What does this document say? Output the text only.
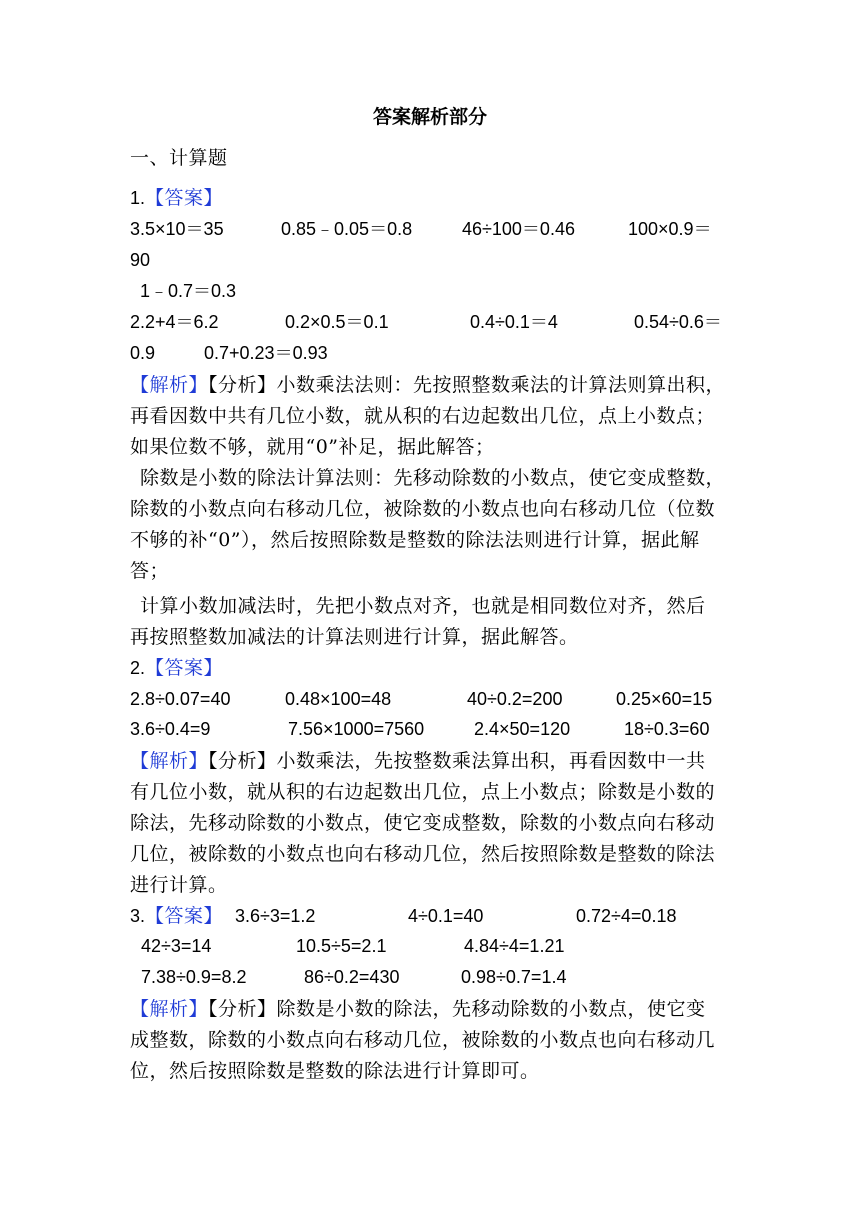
答案解析部分
一、计算题
1.【答案】
3.5×10＝35	0.85﹣0.05＝0.8	46÷100＝0.46	100×0.9＝
90
1﹣0.7＝0.3
2.2+4＝6.2	0.2×0.5＝0.1	0.4÷0.1＝4	0.54÷0.6＝
0.9	0.7+0.23＝0.93
【解析】【分析】小数乘法法则：先按照整数乘法的计算法则算出积，
再看因数中共有几位小数，就从积的右边起数出几位，点上小数点；
如果位数不够，就用“0”补足，据此解答；
除数是小数的除法计算法则：先移动除数的小数点，使它变成整数，
除数的小数点向右移动几位，被除数的小数点也向右移动几位（位数
不够的补“0”），然后按照除数是整数的除法法则进行计算，据此解
答；
计算小数加减法时，先把小数点对齐，也就是相同数位对齐，然后
再按照整数加减法的计算法则进行计算，据此解答。
2.【答案】
2.8÷0.07=40	0.48×100=48	40÷0.2=200	0.25×60=15
3.6÷0.4=9	7.56×1000=7560	2.4×50=120	18÷0.3=60
【解析】【分析】小数乘法，先按整数乘法算出积，再看因数中一共
有几位小数，就从积的右边起数出几位，点上小数点；除数是小数的
除法，先移动除数的小数点，使它变成整数，除数的小数点向右移动
几位，被除数的小数点也向右移动几位，然后按照除数是整数的除法
进行计算。
3.【答案】 3.6÷3=1.2	4÷0.1=40	0.72÷4=0.18
42÷3=14	10.5÷5=2.1	4.84÷4=1.21
7.38÷0.9=8.2	86÷0.2=430	0.98÷0.7=1.4
【解析】【分析】除数是小数的除法，先移动除数的小数点，使它变
成整数，除数的小数点向右移动几位，被除数的小数点也向右移动几
位，然后按照除数是整数的除法进行计算即可。
